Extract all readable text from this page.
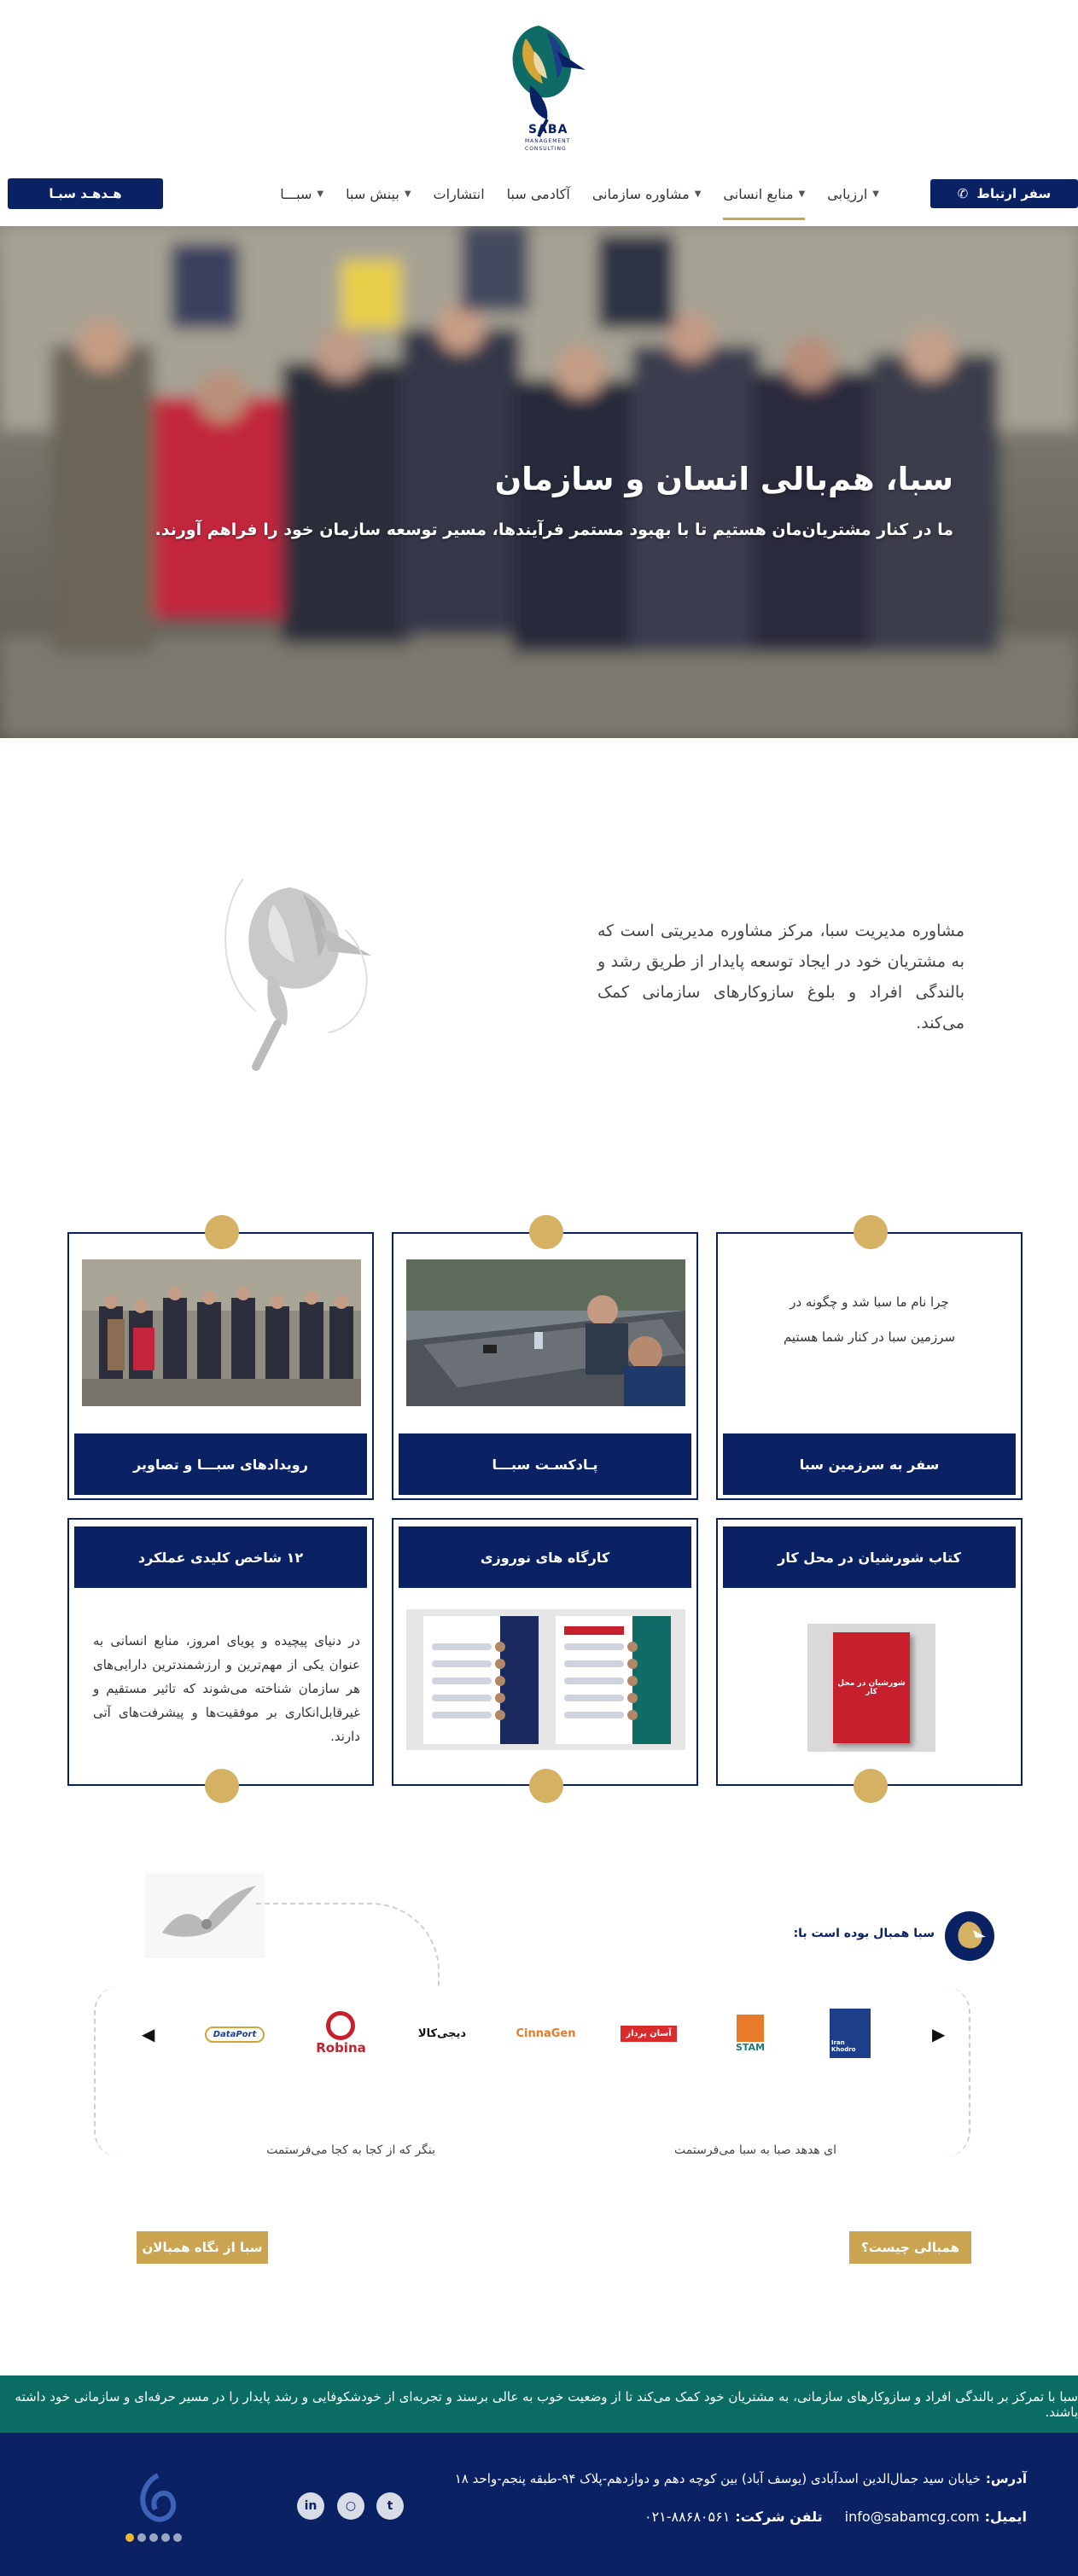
SABA
MANAGEMENT
CONSULTING
✆ سفر ارتباط
هـدهـد سبـا	ارزیابی ▼
منابع انسانی ▼
مشاوره سازمانی ▼
آکادمی سبا
انتشارات
بینش سبا ▼
سبـــا ▼
سبا، هم‌بالی انسان و سازمان
ما در کنار مشتریان‌مان هستیم تا با بهبود مستمر فرآیندها، مسیر توسعه سازمان خود را فراهم آورند.
مشاوره مدیریت سبا، مرکز مشاوره مدیریتی است که به مشتریان خود در ایجاد توسعه پایدار از طریق رشد و بالندگی افراد و بلوغ سازوکارهای سازمانی کمک می‌کند.
چرا نام ما سبا شد و چگونه در
سرزمین سبا در کنار شما هستیم
سفر به سرزمین سبا
پـادکسـت سبـــا
رویدادهای سبـــا و تصاویر
کتاب شورشیان در محل کار
شورشیان در محل کار
کارگاه های نوروزی
۱۲ شاخص کلیدی عملکرد
در دنیای پیچیده و پویای امروز، منابع انسانی به عنوان یکی از مهم‌ترین و ارزشمندترین دارایی‌های هر سازمان شناخته می‌شوند که تاثیر مستقیم و غیرقابل‌انکاری بر موفقیت‌ها و پیشرفت‌های آتی دارند.
سبا همبال بوده است با:
▶
◀	Iran Khodro
STAM
آسان پرداز
CinnaGen
دیجی‌کالا
Robina
DataPort
ای هدهد صبا به سبا می‌فرستمت
بنگر که از کجا به کجا می‌فرستمت
همبالی چیست؟
سبا از نگاه همبالان
سبا با تمرکز بر بالندگی افراد و سازوکارهای سازمانی، به مشتریان خود کمک می‌کند تا از وضعیت خوب به عالی برسند و تجربه‌ای از خودشکوفایی و رشد پایدار را در مسیر حرفه‌ای و سازمانی خود داشته باشند.
آدرس:
خیابان سید جمال‌الدین اسدآبادی (یوسف آباد) بین کوچه دهم و دوازدهم-پلاک ۹۴-طبقه پنجم-واحد ۱۸
ایمیل:
info@sabamcg.com
تلفن شرکت:
۰۲۱-۸۸۶۸۰۵۶۱
t
○
in
